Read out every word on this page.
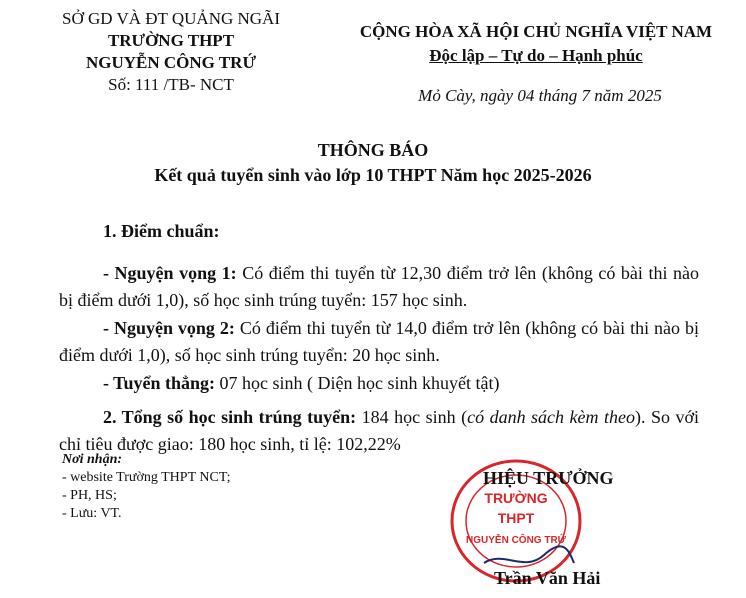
SỞ GD VÀ ĐT QUẢNG NGÃI
TRƯỜNG THPT
NGUYỄN CÔNG TRỨ
Số: 111 /TB- NCT
CỘNG HÒA XÃ HỘI CHỦ NGHĨA VIỆT NAM
Độc lập – Tự do – Hạnh phúc
Mỏ Cày, ngày 04 tháng 7 năm 2025
THÔNG BÁO
Kết quả tuyển sinh vào lớp 10 THPT Năm học 2025-2026
1. Điểm chuẩn:
- Nguyện vọng 1: Có điểm thi tuyển từ 12,30 điểm trở lên (không có bài thi nào bị điểm dưới 1,0), số học sinh trúng tuyển: 157 học sinh.
- Nguyện vọng 2: Có điểm thi tuyển từ 14,0 điểm trở lên (không có bài thi nào bị điểm dưới 1,0), số học sinh trúng tuyển: 20 học sinh.
- Tuyển thẳng: 07 học sinh ( Diện học sinh khuyết tật)
2. Tổng số học sinh trúng tuyển: 184 học sinh (có danh sách kèm theo). So với chỉ tiêu được giao: 180 học sinh, tỉ lệ: 102,22%
Nơi nhận:
- website Trường THPT NCT;
- PH, HS;
- Lưu: VT.
TRƯỜNG
THPT
NGUYỄN CÔNG TRỨ
HIỆU TRƯỞNG
Trần Văn Hải
